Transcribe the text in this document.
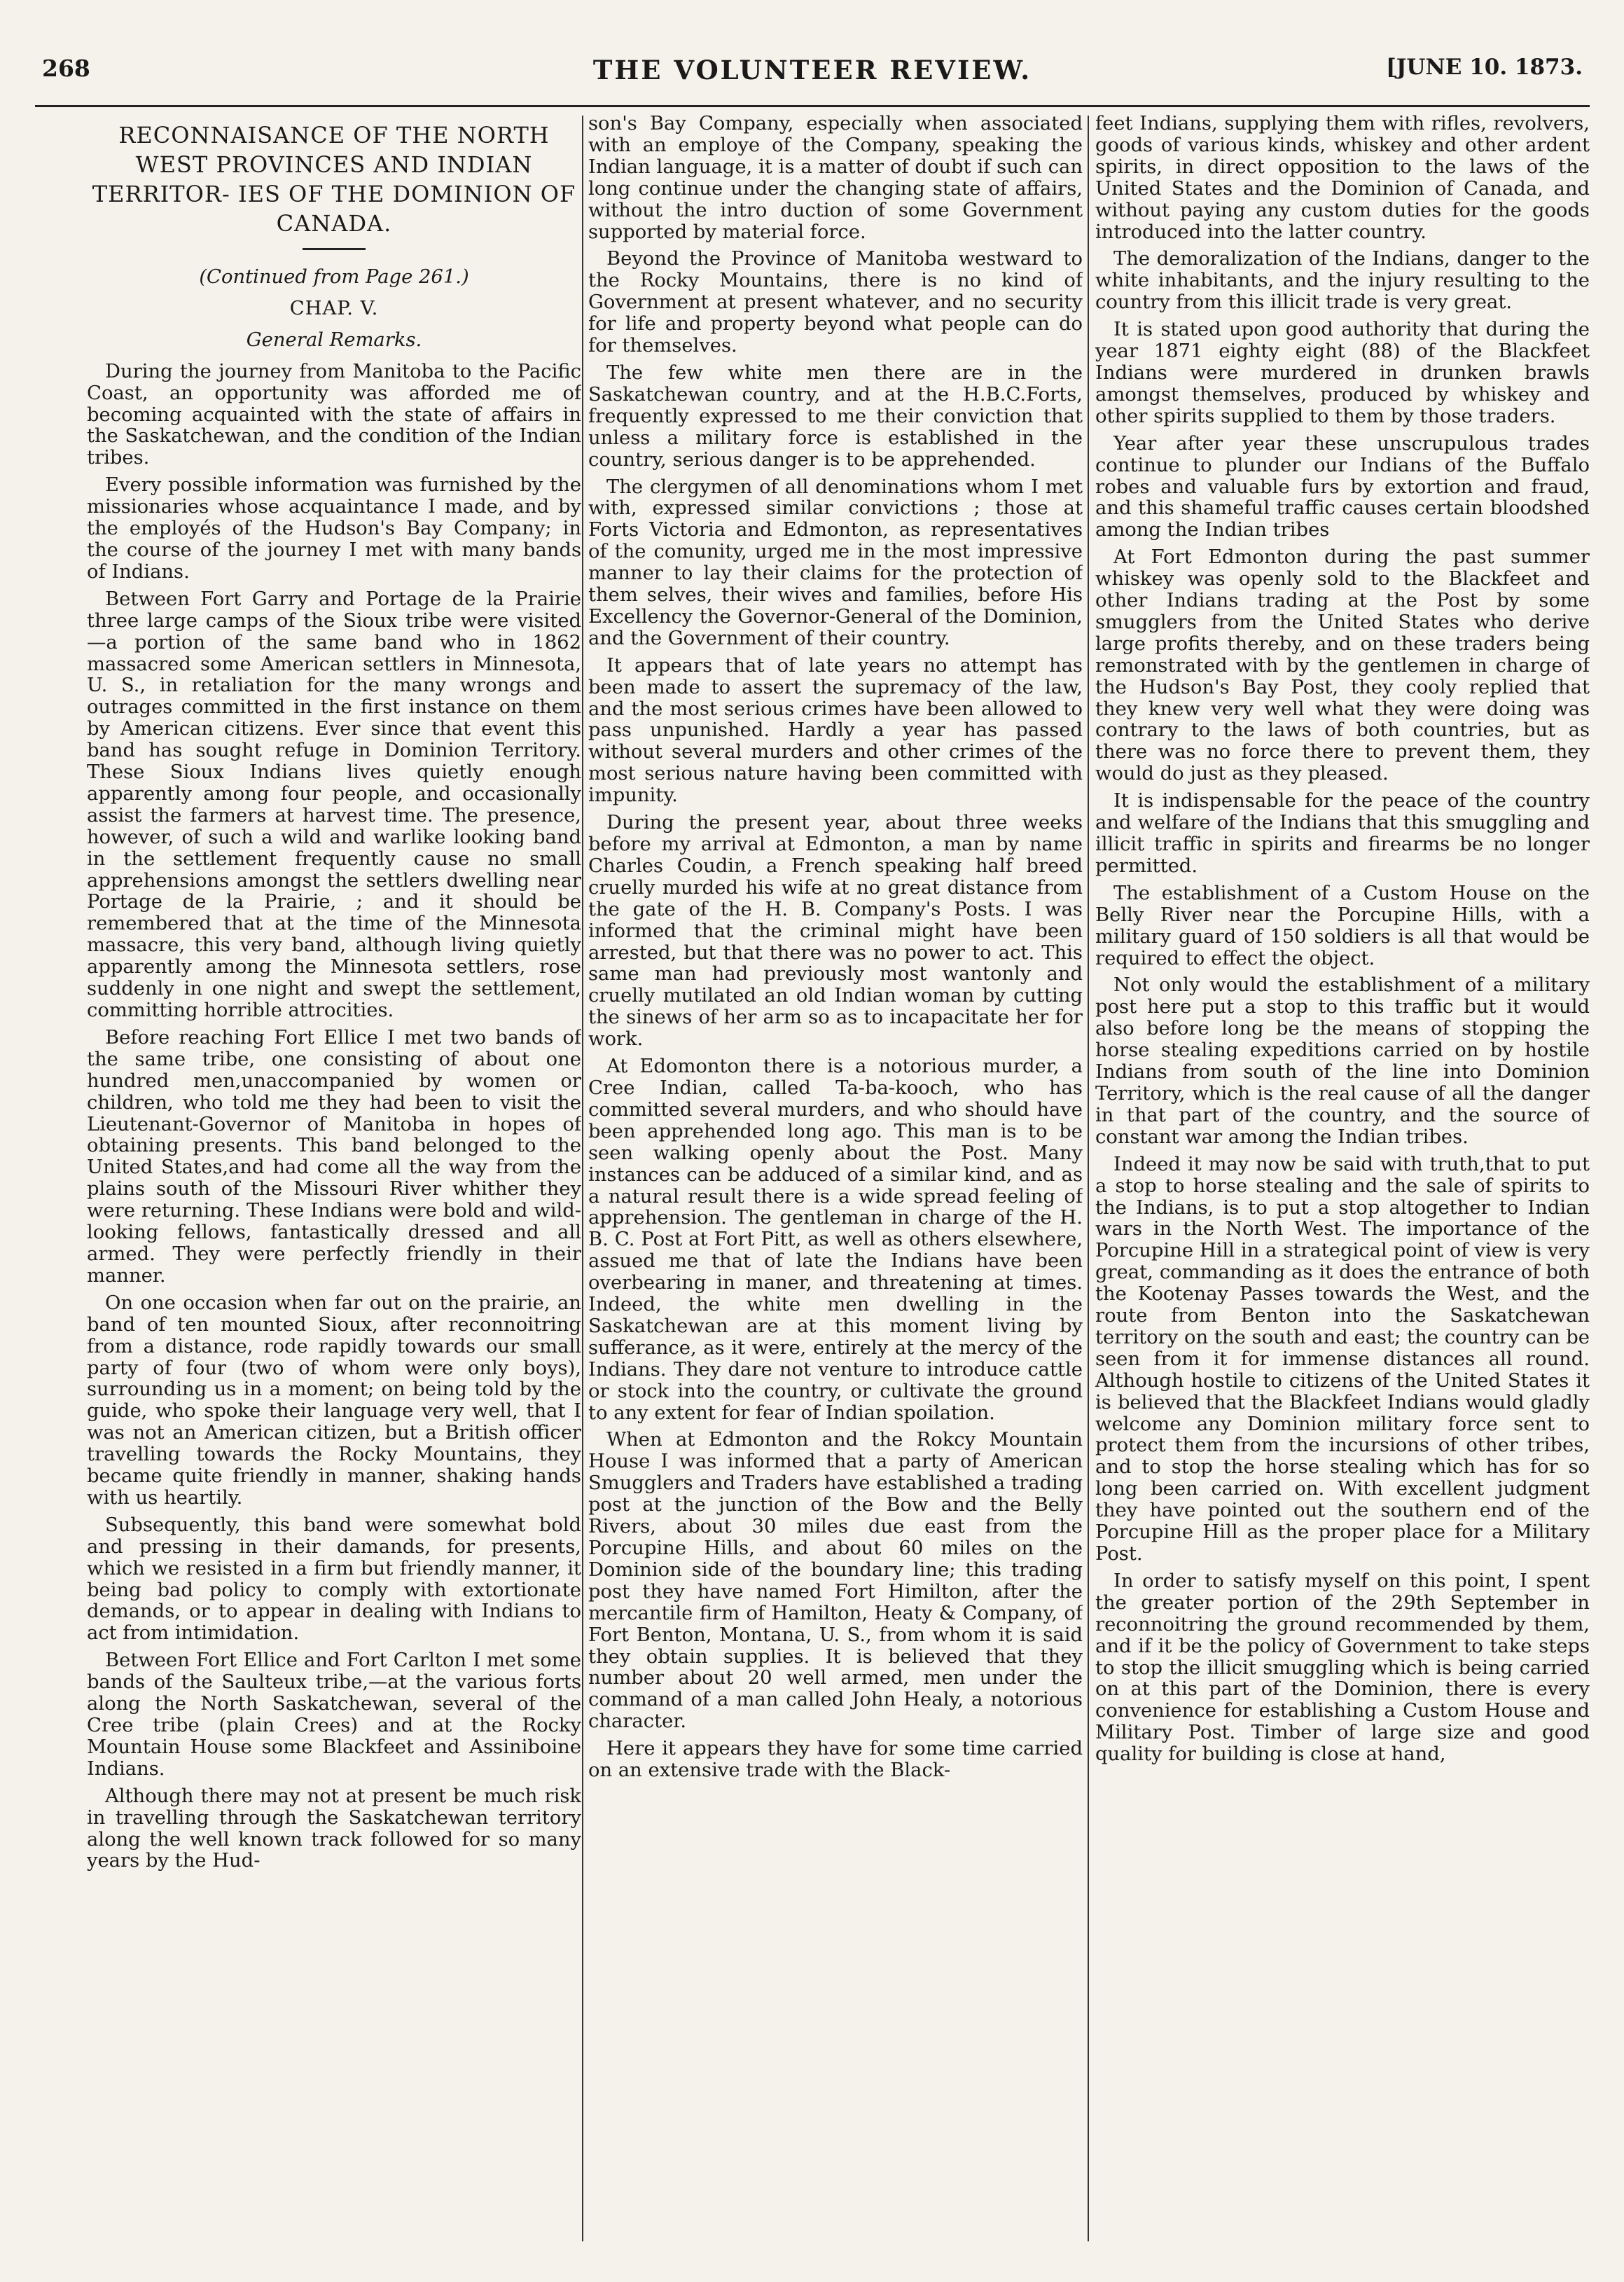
268	THE VOLUNTEER REVIEW.	[JUNE 10. 1873.
RECONNAISANCE OF THE NORTH WEST PROVINCES AND INDIAN TERRITOR- IES OF THE DOMINION OF CANADA.

(Continued from Page 261.)

CHAP. V.

General Remarks.

During the journey from Manitoba to the Pacific Coast, an opportunity was afforded me of becoming acquainted with the state of affairs in the Saskatchewan, and the condition of the Indian tribes.

Every possible information was furnished by the missionaries whose acquaintance I made, and by the employés of the Hudson's Bay Company; in the course of the journey I met with many bands of Indians.

Between Fort Garry and Portage de la Prairie three large camps of the Sioux tribe were visited—a portion of the same band who in 1862 massacred some American settlers in Minnesota, U. S., in retaliation for the many wrongs and outrages committed in the first instance on them by American citizens. Ever since that event this band has sought refuge in Dominion Territory. These Sioux Indians lives quietly enough apparently among four people, and occasionally assist the farmers at harvest time. The presence, however, of such a wild and warlike looking band in the settlement frequently cause no small apprehensions amongst the settlers dwelling near Portage de la Prairie, ; and it should be remembered that at the time of the Minnesota massacre, this very band, although living quietly apparently among the Minnesota settlers, rose suddenly in one night and swept the settlement, committing horrible attrocities.

Before reaching Fort Ellice I met two bands of the same tribe, one consisting of about one hundred men,unaccompanied by women or children, who told me they had been to visit the Lieutenant-Governor of Manitoba in hopes of obtaining presents. This band belonged to the United States,and had come all the way from the plains south of the Missouri River whither they were returning. These Indians were bold and wild-looking fellows, fantastically dressed and all armed. They were perfectly friendly in their manner.

On one occasion when far out on the prairie, an band of ten mounted Sioux, after reconnoitring from a distance, rode rapidly towards our small party of four (two of whom were only boys), surrounding us in a moment; on being told by the guide, who spoke their language very well, that I was not an American citizen, but a British officer travelling towards the Rocky Mountains, they became quite friendly in manner, shaking hands with us heartily.

Subsequently, this band were somewhat bold and pressing in their damands, for presents, which we resisted in a firm but friendly manner, it being bad policy to comply with extortionate demands, or to appear in dealing with Indians to act from intimidation.

Between Fort Ellice and Fort Carlton I met some bands of the Saulteux tribe,—at the various forts along the North Saskatchewan, several of the Cree tribe (plain Crees) and at the Rocky Mountain House some Blackfeet and Assiniboine Indians.

Although there may not at present be much risk in travelling through the Saskatchewan territory along the well known track followed for so many years by the Hud-

son's Bay Company, especially when associated with an employe of the Company, speaking the Indian language, it is a matter of doubt if such can long continue under the changing state of affairs, without the intro duction of some Government supported by material force.

Beyond the Province of Manitoba westward to the Rocky Mountains, there is no kind of Government at present whatever, and no security for life and property beyond what people can do for themselves.

The few white men there are in the Saskatchewan country, and at the H.B.C.Forts, frequently expressed to me their conviction that unless a military force is established in the country, serious danger is to be apprehended.

The clergymen of all denominations whom I met with, expressed similar convictions ; those at Forts Victoria and Edmonton, as representatives of the comunity, urged me in the most impressive manner to lay their claims for the protection of them selves, their wives and families, before His Excellency the Governor-General of the Dominion, and the Government of their country.

It appears that of late years no attempt has been made to assert the supremacy of the law, and the most serious crimes have been allowed to pass unpunished. Hardly a year has passed without several murders and other crimes of the most serious nature having been committed with impunity.

During the present year, about three weeks before my arrival at Edmonton, a man by name Charles Coudin, a French speaking half breed cruelly murded his wife at no great distance from the gate of the H. B. Company's Posts. I was informed that the criminal might have been arrested, but that there was no power to act. This same man had previously most wantonly and cruelly mutilated an old Indian woman by cutting the sinews of her arm so as to incapacitate her for work.

At Edomonton there is a notorious murder, a Cree Indian, called Ta-ba-kooch, who has committed several murders, and who should have been apprehended long ago. This man is to be seen walking openly about the Post. Many instances can be adduced of a similar kind, and as a natural result there is a wide spread feeling of apprehension. The gentleman in charge of the H. B. C. Post at Fort Pitt, as well as others elsewhere, assued me that of late the Indians have been overbearing in maner, and threatening at times. Indeed, the white men dwelling in the Saskatchewan are at this moment living by sufferance, as it were, entirely at the mercy of the Indians. They dare not venture to introduce cattle or stock into the country, or cultivate the ground to any extent for fear of Indian spoilation.

When at Edmonton and the Rokcy Mountain House I was informed that a party of American Smugglers and Traders have established a trading post at the junction of the Bow and the Belly Rivers, about 30 miles due east from the Porcupine Hills, and about 60 miles on the Dominion side of the boundary line; this trading post they have named Fort Himilton, after the mercantile firm of Hamilton, Heaty & Company, of Fort Benton, Montana, U. S., from whom it is said they obtain supplies. It is believed that they number about 20 well armed, men under the command of a man called John Healy, a notorious character.

Here it appears they have for some time carried on an extensive trade with the Black-

feet Indians, supplying them with rifles, revolvers, goods of various kinds, whiskey and other ardent spirits, in direct opposition to the laws of the United States and the Dominion of Canada, and without paying any custom duties for the goods introduced into the latter country.

The demoralization of the Indians, danger to the white inhabitants, and the injury resulting to the country from this illicit trade is very great.

It is stated upon good authority that during the year 1871 eighty eight (88) of the Blackfeet Indians were murdered in drunken brawls amongst themselves, produced by whiskey and other spirits supplied to them by those traders.

Year after year these unscrupulous trades continue to plunder our Indians of the Buffalo robes and valuable furs by extortion and fraud, and this shameful traffic causes certain bloodshed among the Indian tribes

At Fort Edmonton during the past summer whiskey was openly sold to the Blackfeet and other Indians trading at the Post by some smugglers from the United States who derive large profits thereby, and on these traders being remonstrated with by the gentlemen in charge of the Hudson's Bay Post, they cooly replied that they knew very well what they were doing was contrary to the laws of both countries, but as there was no force there to prevent them, they would do just as they pleased.

It is indispensable for the peace of the country and welfare of the Indians that this smuggling and illicit traffic in spirits and firearms be no longer permitted.

The establishment of a Custom House on the Belly River near the Porcupine Hills, with a military guard of 150 soldiers is all that would be required to effect the object.

Not only would the establishment of a military post here put a stop to this traffic but it would also before long be the means of stopping the horse stealing expeditions carried on by hostile Indians from south of the line into Dominion Territory, which is the real cause of all the danger in that part of the country, and the source of constant war among the Indian tribes.

Indeed it may now be said with truth,that to put a stop to horse stealing and the sale of spirits to the Indians, is to put a stop altogether to Indian wars in the North West. The importance of the Porcupine Hill in a strategical point of view is very great, commanding as it does the entrance of both the Kootenay Passes towards the West, and the route from Benton into the Saskatchewan territory on the south and east; the country can be seen from it for immense distances all round. Although hostile to citizens of the United States it is believed that the Blackfeet Indians would gladly welcome any Dominion military force sent to protect them from the incursions of other tribes, and to stop the horse stealing which has for so long been carried on. With excellent judgment they have pointed out the southern end of the Porcupine Hill as the proper place for a Military Post.

In order to satisfy myself on this point, I spent the greater portion of the 29th September in reconnoitring the ground recommended by them, and if it be the policy of Government to take steps to stop the illicit smuggling which is being carried on at this part of the Dominion, there is every convenience for establishing a Custom House and Military Post. Timber of large size and good quality for building is close at hand,
